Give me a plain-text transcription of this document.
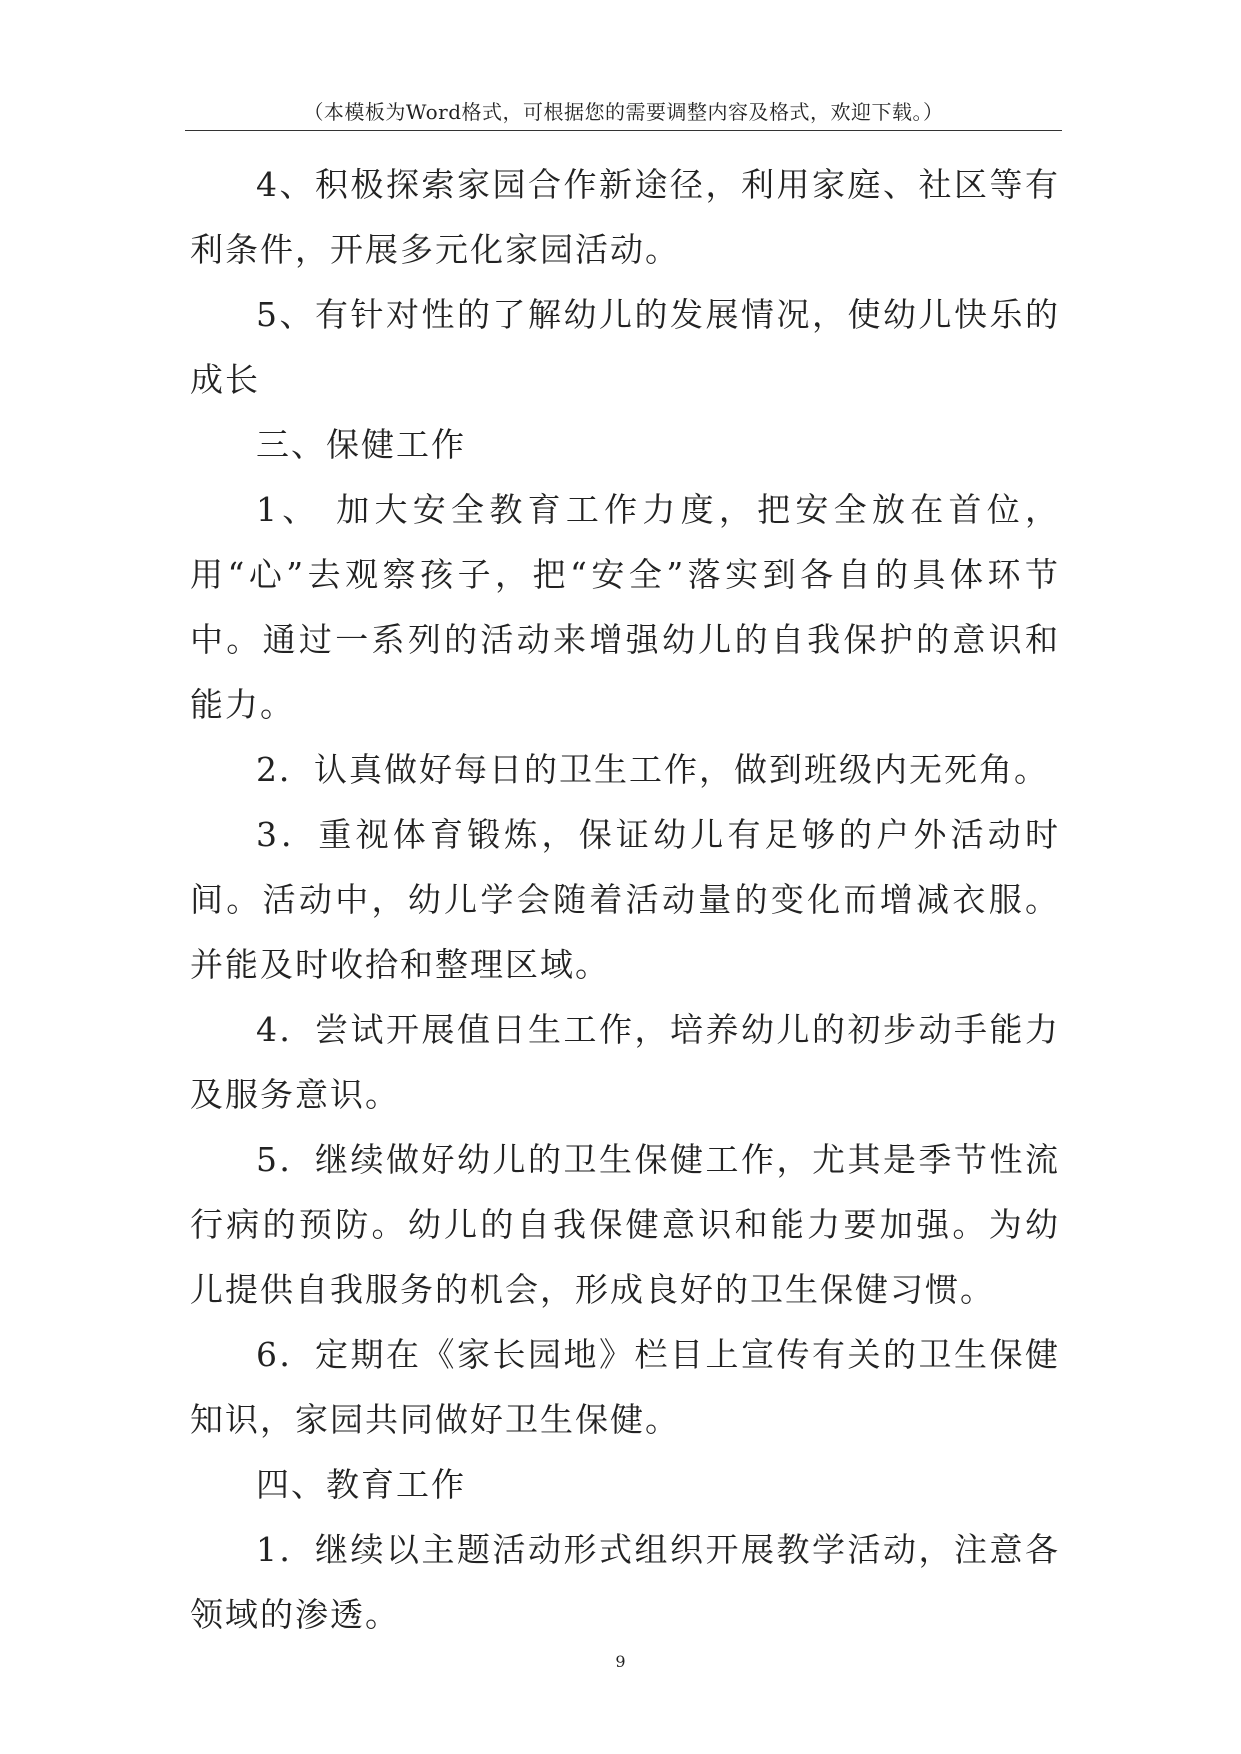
（本模板为Word格式，可根据您的需要调整内容及格式，欢迎下载。）

4、积极探索家园合作新途径，利用家庭、社区等有利条件，开展多元化家园活动。

5、有针对性的了解幼儿的发展情况，使幼儿快乐的成长

三、保健工作

1、 加大安全教育工作力度，把安全放在首位，用“心”去观察孩子，把“安全”落实到各自的具体环节中。通过一系列的活动来增强幼儿的自我保护的意识和能力。

2．认真做好每日的卫生工作，做到班级内无死角。

3．重视体育锻炼，保证幼儿有足够的户外活动时间。活动中，幼儿学会随着活动量的变化而增减衣服。并能及时收拾和整理区域。

4．尝试开展值日生工作，培养幼儿的初步动手能力及服务意识。

5．继续做好幼儿的卫生保健工作，尤其是季节性流行病的预防。幼儿的自我保健意识和能力要加强。为幼儿提供自我服务的机会，形成良好的卫生保健习惯。

6．定期在《家长园地》栏目上宣传有关的卫生保健知识，家园共同做好卫生保健。

四、教育工作

1．继续以主题活动形式组织开展教学活动，注意各领域的渗透。

9
